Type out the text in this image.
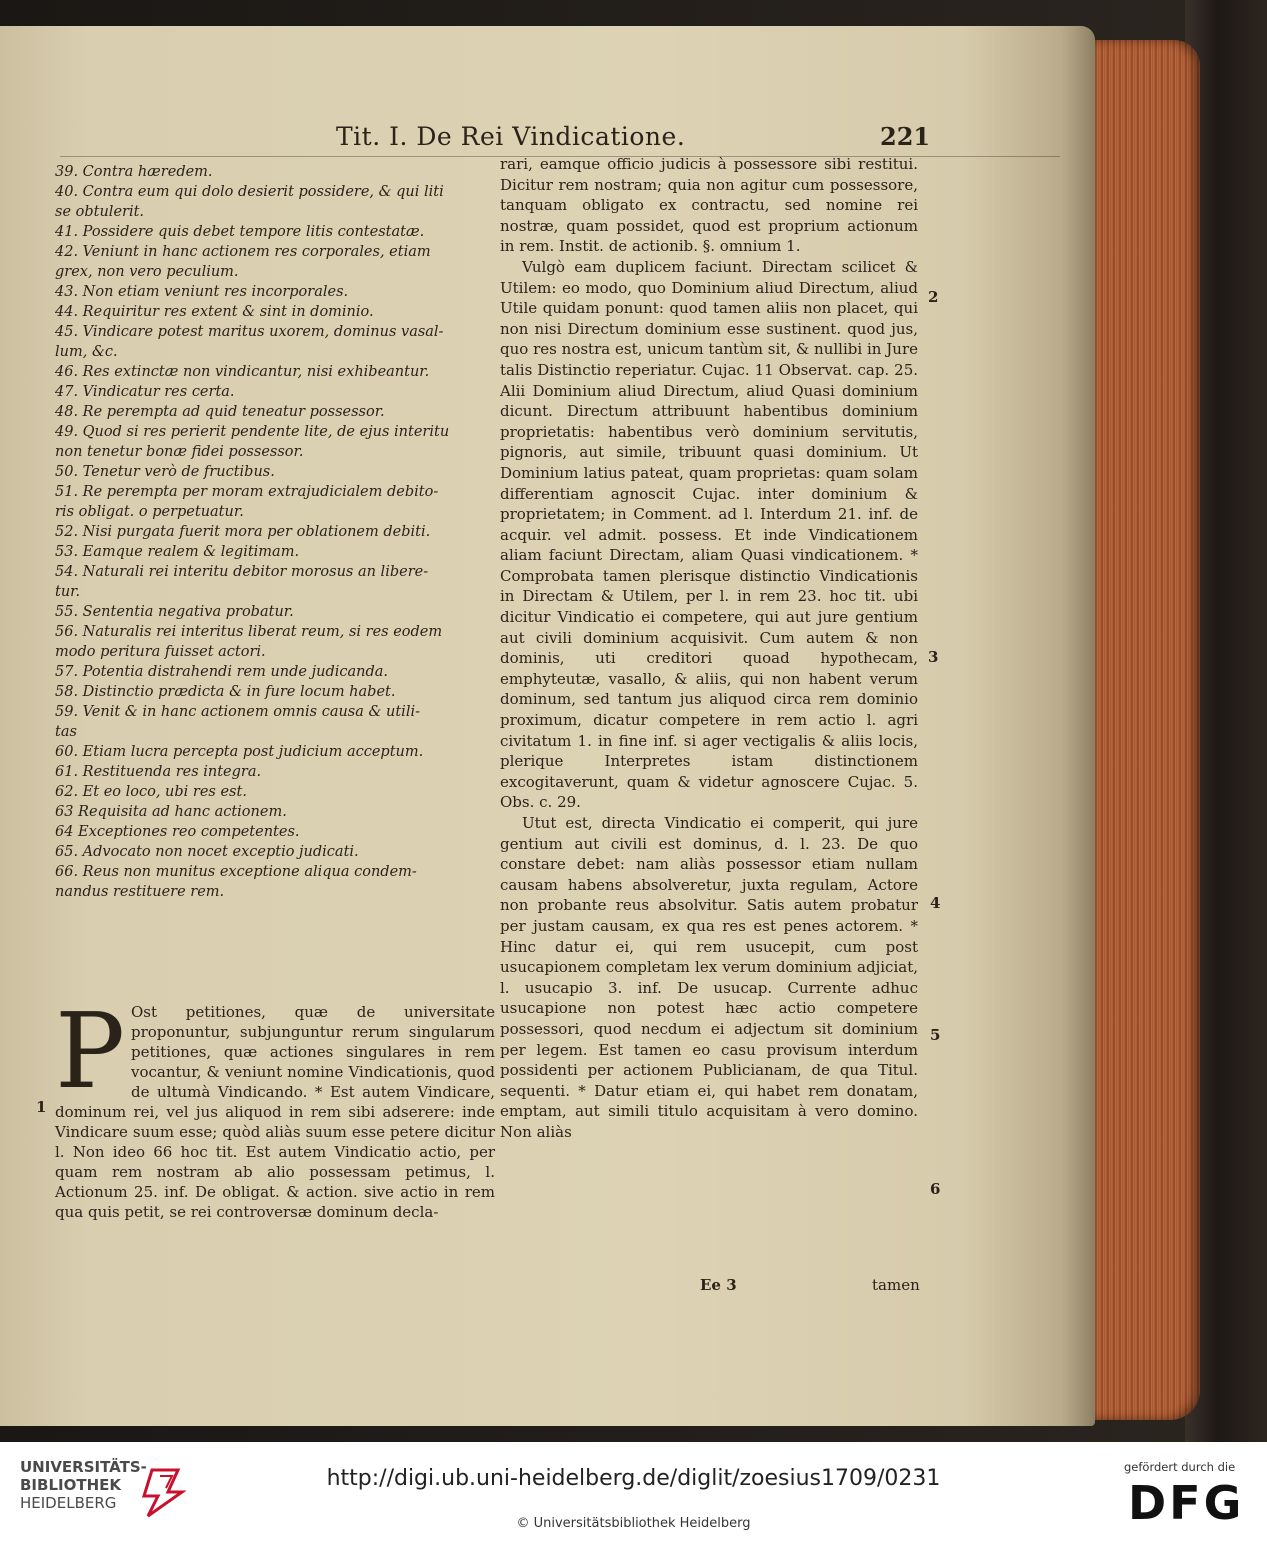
Tit. I. De Rei Vindicatione.	221
39. Contra hæredem.
40. Contra eum qui dolo desierit possidere, & qui liti
se obtulerit.
41. Possidere quis debet tempore litis contestatæ.
42. Veniunt in hanc actionem res corporales, etiam
grex, non vero peculium.
43. Non etiam veniunt res incorporales.
44. Requiritur res extent & sint in dominio.
45. Vindicare potest maritus uxorem, dominus vasal-
lum, &c.
46. Res extinctæ non vindicantur, nisi exhibeantur.
47. Vindicatur res certa.
48. Re perempta ad quid teneatur possessor.
49. Quod si res perierit pendente lite, de ejus interitu
non tenetur bonæ fidei possessor.
50. Tenetur verò de fructibus.
51. Re perempta per moram extrajudicialem debito-
ris obligat. o perpetuatur.
52. Nisi purgata fuerit mora per oblationem debiti.
53. Eamque realem & legitimam.
54. Naturali rei interitu debitor morosus an libere-
tur.
55. Sententia negativa probatur.
56. Naturalis rei interitus liberat reum, si res eodem
modo peritura fuisset actori.
57. Potentia distrahendi rem unde judicanda.
58. Distinctio prædicta & in fure locum habet.
59. Venit & in hanc actionem omnis causa & utili-
tas
60. Etiam lucra percepta post judicium acceptum.
61. Restituenda res integra.
62. Et eo loco, ubi res est.
63 Requisita ad hanc actionem.
64 Exceptiones reo competentes.
65. Advocato non nocet exceptio judicati.
66. Reus non munitus exceptione aliqua condem-
nandus restituere rem.
P Ost petitiones, quæ de universitate proponuntur, subjunguntur rerum singularum petitiones, quæ actiones singulares in rem vocantur, & veniunt nomine Vindicationis, quod de ultumà Vindicando. * Est autem Vindicare, dominum rei, vel jus aliquod in rem sibi adserere: inde Vindicare suum esse; quòd aliàs suum esse petere dicitur l. Non ideo 66 hoc tit. Est autem Vindicatio actio, per quam rem nostram ab alio possessam petimus, l. Actionum 25. inf. De obligat. & action. sive actio in rem qua quis petit, se rei controversæ dominum decla-

rari, eamque officio judicis à possessore sibi restitui. Dicitur rem nostram; quia non agitur cum possessore, tanquam obligato ex contractu, sed nomine rei nostræ, quam possidet, quod est proprium actionum in rem. Instit. de actionib. §. omnium 1.

Vulgò eam duplicem faciunt. Directam scilicet & Utilem: eo modo, quo Dominium aliud Directum, aliud Utile quidam ponunt: quod tamen aliis non placet, qui non nisi Directum dominium esse sustinent. quod jus, quo res nostra est, unicum tantùm sit, & nullibi in Jure talis Distinctio reperiatur. Cujac. 11 Observat. cap. 25. Alii Dominium aliud Directum, aliud Quasi dominium dicunt. Directum attribuunt habentibus dominium proprietatis: habentibus verò dominium servitutis, pignoris, aut simile, tribuunt quasi dominium. Ut Dominium latius pateat, quam proprietas: quam solam differentiam agnoscit Cujac. inter dominium & proprietatem; in Comment. ad l. Interdum 21. inf. de acquir. vel admit. possess. Et inde Vindicationem aliam faciunt Directam, aliam Quasi vindicationem. * Comprobata tamen plerisque distinctio Vindicationis in Directam & Utilem, per l. in rem 23. hoc tit. ubi dicitur Vindicatio ei competere, qui aut jure gentium aut civili dominium acquisivit. Cum autem & non dominis, uti creditori quoad hypothecam, emphyteutæ, vasallo, & aliis, qui non habent verum dominum, sed tantum jus aliquod circa rem dominio proximum, dicatur competere in rem actio l. agri civitatum 1. in fine inf. si ager vectigalis & aliis locis, plerique Interpretes istam distinctionem excogitaverunt, quam & videtur agnoscere Cujac. 5. Obs. c. 29.

Utut est, directa Vindicatio ei comperit, qui jure gentium aut civili est dominus, d. l. 23. De quo constare debet: nam aliàs possessor etiam nullam causam habens absolveretur, juxta regulam, Actore non probante reus absolvitur. Satis autem probatur per justam causam, ex qua res est penes actorem. * Hinc datur ei, qui rem usucepit, cum post usucapionem completam lex verum dominium adjiciat, l. usucapio 3. inf. De usucap. Currente adhuc usucapione non potest hæc actio competere possessori, quod necdum ei adjectum sit dominium per legem. Est tamen eo casu provisum interdum possidenti per actionem Publicianam, de qua Titul. sequenti. * Datur etiam ei, qui habet rem donatam, emptam, aut simili titulo acquisitam à vero domino. Non aliàs

2
3
4
5
6
1
Ee 3	tamen
UNIVERSITÄTS-
BIBLIOTHEK
HEIDELBERG
http://digi.ub.uni-heidelberg.de/diglit/zoesius1709/0231
© Universitätsbibliothek Heidelberg
gefördert durch die
DFG
